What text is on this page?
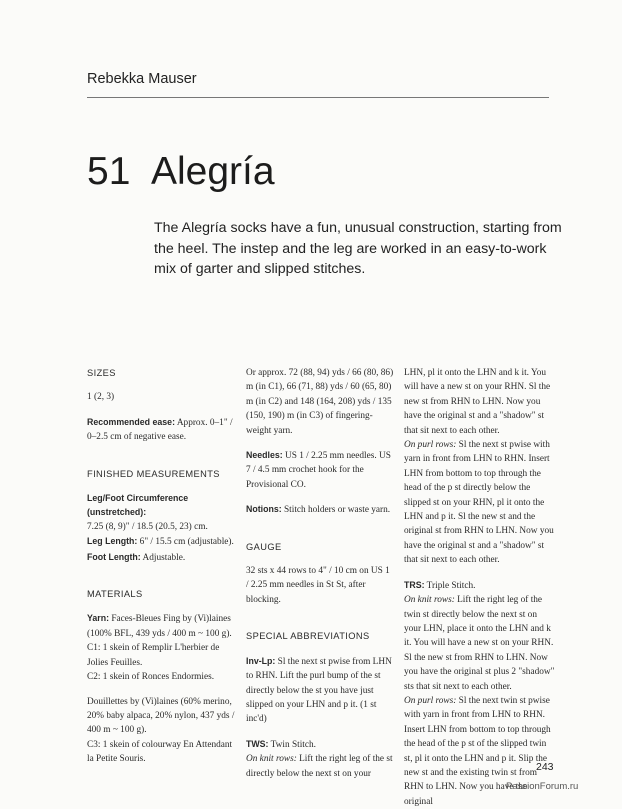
Rebekka Mauser
51 Alegría
The Alegría socks have a fun, unusual construction, starting from the heel. The instep and the leg are worked in an easy-to-work mix of garter and slipped stitches.
SIZES
1 (2, 3)
Recommended ease: Approx. 0–1" / 0–2.5 cm of negative ease.
FINISHED MEASUREMENTS
Leg/Foot Circumference (unstretched):
7.25 (8, 9)" / 18.5 (20.5, 23) cm.
Leg Length: 6" / 15.5 cm (adjustable).
Foot Length: Adjustable.
MATERIALS
Yarn: Faces-Bleues Fing by (Vi)laines (100% BFL, 439 yds / 400 m ~ 100 g).
C1: 1 skein of Remplir L'herbier de Jolies Feuilles.
C2: 1 skein of Ronces Endormies.
Douillettes by (Vi)laines (60% merino, 20% baby alpaca, 20% nylon, 437 yds / 400 m ~ 100 g).
C3: 1 skein of colourway En Attendant la Petite Souris.
Or approx. 72 (88, 94) yds / 66 (80, 86) m (in C1), 66 (71, 88) yds / 60 (65, 80) m (in C2) and 148 (164, 208) yds / 135 (150, 190) m (in C3) of fingering-weight yarn.
Needles: US 1 / 2.25 mm needles. US 7 / 4.5 mm crochet hook for the Provisional CO.
Notions: Stitch holders or waste yarn.
GAUGE
32 sts x 44 rows to 4" / 10 cm on US 1 / 2.25 mm needles in St St, after blocking.
SPECIAL ABBREVIATIONS
Inv-Lp: Sl the next st pwise from LHN to RHN. Lift the purl bump of the st directly below the st you have just slipped on your LHN and p it. (1 st inc'd)
TWS: Twin Stitch.
On knit rows: Lift the right leg of the st directly below the next st on your
LHN, pl it onto the LHN and k it. You will have a new st on your RHN. Sl the new st from RHN to LHN. Now you have the original st and a "shadow" st that sit next to each other.
On purl rows: Sl the next st pwise with yarn in front from LHN to RHN. Insert LHN from bottom to top through the head of the p st directly below the slipped st on your RHN, pl it onto the LHN and p it. Sl the new st and the original st from RHN to LHN. Now you have the original st and a "shadow" st that sit next to each other.
TRS: Triple Stitch.
On knit rows: Lift the right leg of the twin st directly below the next st on your LHN, place it onto the LHN and k it. You will have a new st on your RHN. Sl the new st from RHN to LHN. Now you have the original st plus 2 "shadow" sts that sit next to each other.
On purl rows: Sl the next twin st pwise with yarn in front from LHN to RHN. Insert LHN from bottom to top through the head of the p st of the slipped twin st, pl it onto the LHN and p it. Slip the new st and the existing twin st from RHN to LHN. Now you have the original
243
PassionForum.ru
